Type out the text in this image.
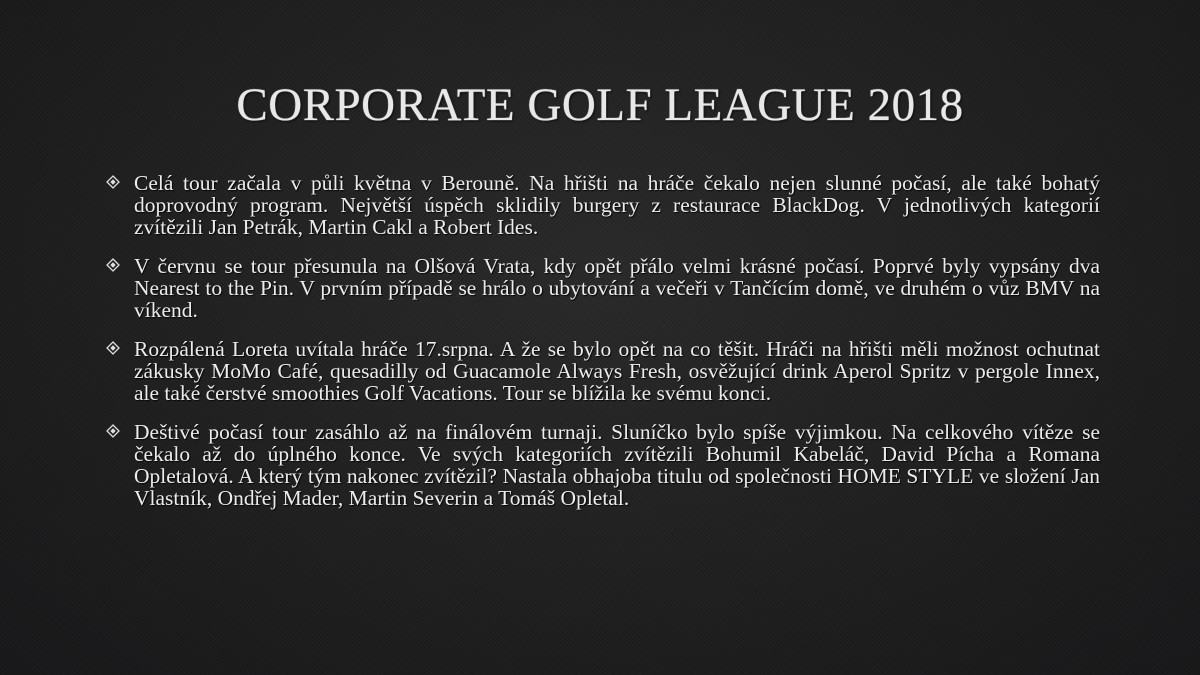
CORPORATE GOLF LEAGUE 2018
Celá tour začala v půli května v Berouně. Na hřišti na hráče čekalo nejen slunné počasí, ale také bohatý doprovodný program. Největší úspěch sklidily burgery z restaurace BlackDog. V jednotlivých kategorií zvítězili Jan Petrák, Martin Cakl a Robert Ides.
V červnu se tour přesunula na Olšová Vrata, kdy opět přálo velmi krásné počasí. Poprvé byly vypsány dva Nearest to the Pin. V prvním případě se hrálo o ubytování a večeři v Tančícím domě, ve druhém o vůz BMV na víkend.
Rozpálená Loreta uvítala hráče 17.srpna. A že se bylo opět na co těšit. Hráči na hřišti měli možnost ochutnat zákusky MoMo Café, quesadilly od Guacamole Always Fresh, osvěžující drink Aperol Spritz v pergole Innex, ale také čerstvé smoothies Golf Vacations. Tour se blížila ke svému konci.
Deštivé počasí tour zasáhlo až na finálovém turnaji. Sluníčko bylo spíše výjimkou. Na celkového vítěze se čekalo až do úplného konce. Ve svých kategoriích zvítězili Bohumil Kabeláč, David Pícha a Romana Opletalová. A který tým nakonec zvítězil? Nastala obhajoba titulu od společnosti HOME STYLE ve složení Jan Vlastník, Ondřej Mader, Martin Severin a Tomáš Opletal.
